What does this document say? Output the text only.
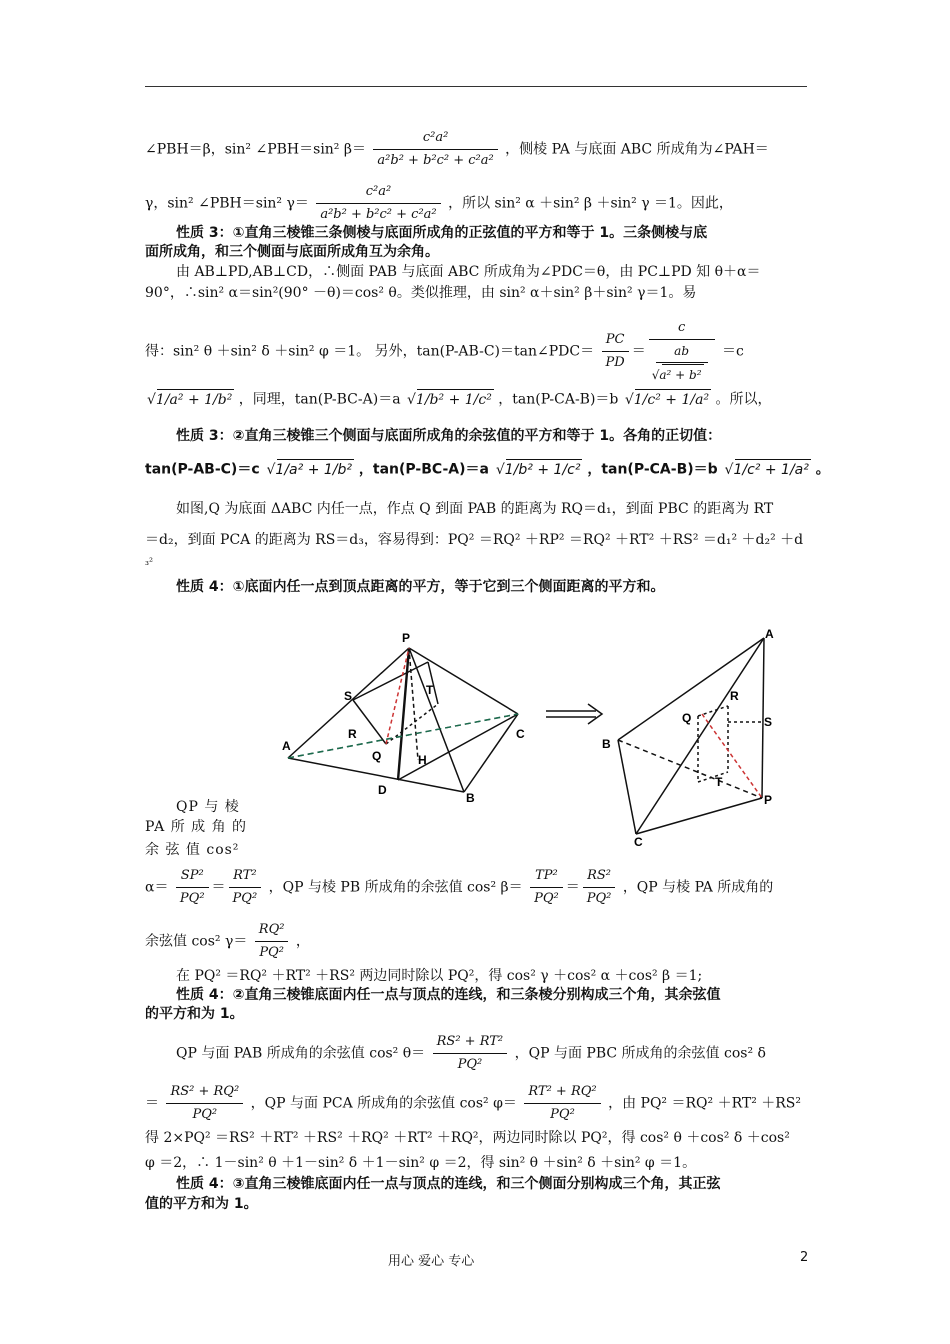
∠PBH＝β，sin² ∠PBH＝sin² $\beta= \frac{\text{c²a²}}{\text{a²b² + b²c² + c²a²}}$ ，侧棱 PA 与底面 ABC 所成角为∠PAH＝
γ，sin² ∠PBH＝sin² $\gamma= \frac{\text{c²a²}}{\text{a²b² + b²c² + c²a²}}$ ，所以 sin² α ＋sin² β ＋sin² γ ＝1。因此，
性质 3：①直角三棱锥三条侧棱与底面所成角的正弦值的平方和等于 1。三条侧棱与底
面所成角，和三个侧面与底面所成角互为余角。
由 AB⊥PD,AB⊥CD，∴侧面 PAB 与底面 ABC 所成角为∠PDC＝θ，由 PC⊥PD 知 θ＋α＝
90°，∴sin² α＝sin²(90° －θ)＝cos² θ。类似推理，由 sin² α＋sin² β＋sin² γ＝1。易
得：sin² θ ＋sin² δ ＋sin² φ ＝1。 另外，tan(P-AB-C)＝tan∠PDC＝ $\frac{PC}{PD} = c$
ab
√ a² + b² ＝c
√ 1/a² + 1/b² ，同理，tan(P-BC-A)＝a √ 1/b² + 1/c² ，tan(P-CA-B)＝b √ 1/c² + 1/a² 。所以，
性质 3：②直角三棱锥三个侧面与底面所成角的余弦值的平方和等于 1。各角的正切值：
tan(P-AB-C)＝c √ 1/a² + 1/b² ，tan(P-BC-A)＝a √ 1/b² + 1/c² ，tan(P-CA-B)＝b √ 1/c² + 1/a² 。
如图,Q 为底面 ΔABC 内任一点，作点 Q 到面 PAB 的距离为 RQ＝d₁，到面 PBC 的距离为 RT
＝d₂，到面 PCA 的距离为 RS＝d₃，容易得到：PQ² ＝RQ² ＋RP² ＝RQ² ＋RT² ＋RS² ＝d₁² ＋d₂² ＋d
₃²
性质 4：①底面内任一点到顶点距离的平方，等于它到三个侧面距离的平方和。
P
S	T
R
Q
A
H
C
D
B
A
R
Q	S
B
T
P
C
QP 与 棱
PA 所 成 角 的
余 弦 值 cos²
$\alpha= \frac{\text{SP²}}{\text{PQ²}} = \frac{\text{RT²}}{\text{PQ²}}$ ，QP 与棱 PB 所成角的余弦值 cos² $\beta= \frac{\text{TP²}}{\text{PQ²}} = \frac{\text{RS²}}{\text{PQ²}}$ ，QP 与棱 PA 所成角的
余弦值 cos² $\gamma= \frac{\text{RQ²}}{\text{PQ²}}$ ，
在 PQ² ＝RQ² ＋RT² ＋RS² 两边同时除以 PQ²，得 cos² γ ＋cos² α ＋cos² β ＝1;
性质 4：②直角三棱锥底面内任一点与顶点的连线，和三条棱分别构成三个角，其余弦值
的平方和为 1。
QP 与面 PAB 所成角的余弦值 cos² $\theta= \frac{\text{RS² + RT²}}{\text{PQ²}}$ ，QP 与面 PBC 所成角的余弦值 cos² δ
＝ $\frac{\text{RS² + RQ²}}{\text{PQ²}}$ ，QP 与面 PCA 所成角的余弦值 cos² $\varphi= \frac{\text{RT² + RQ²}}{\text{PQ²}}$ ，由 PQ² ＝RQ² ＋RT² ＋RS²
得 2×PQ² ＝RS² ＋RT² ＋RS² ＋RQ² ＋RT² ＋RQ²，两边同时除以 PQ²，得 cos² θ ＋cos² δ ＋cos²
φ ＝2，∴ 1－sin² θ ＋1－sin² δ ＋1－sin² φ ＝2，得 sin² θ ＋sin² δ ＋sin² φ ＝1。
性质 4：③直角三棱锥底面内任一点与顶点的连线，和三个侧面分别构成三个角，其正弦
值的平方和为 1。
用心 爱心 专心	2
